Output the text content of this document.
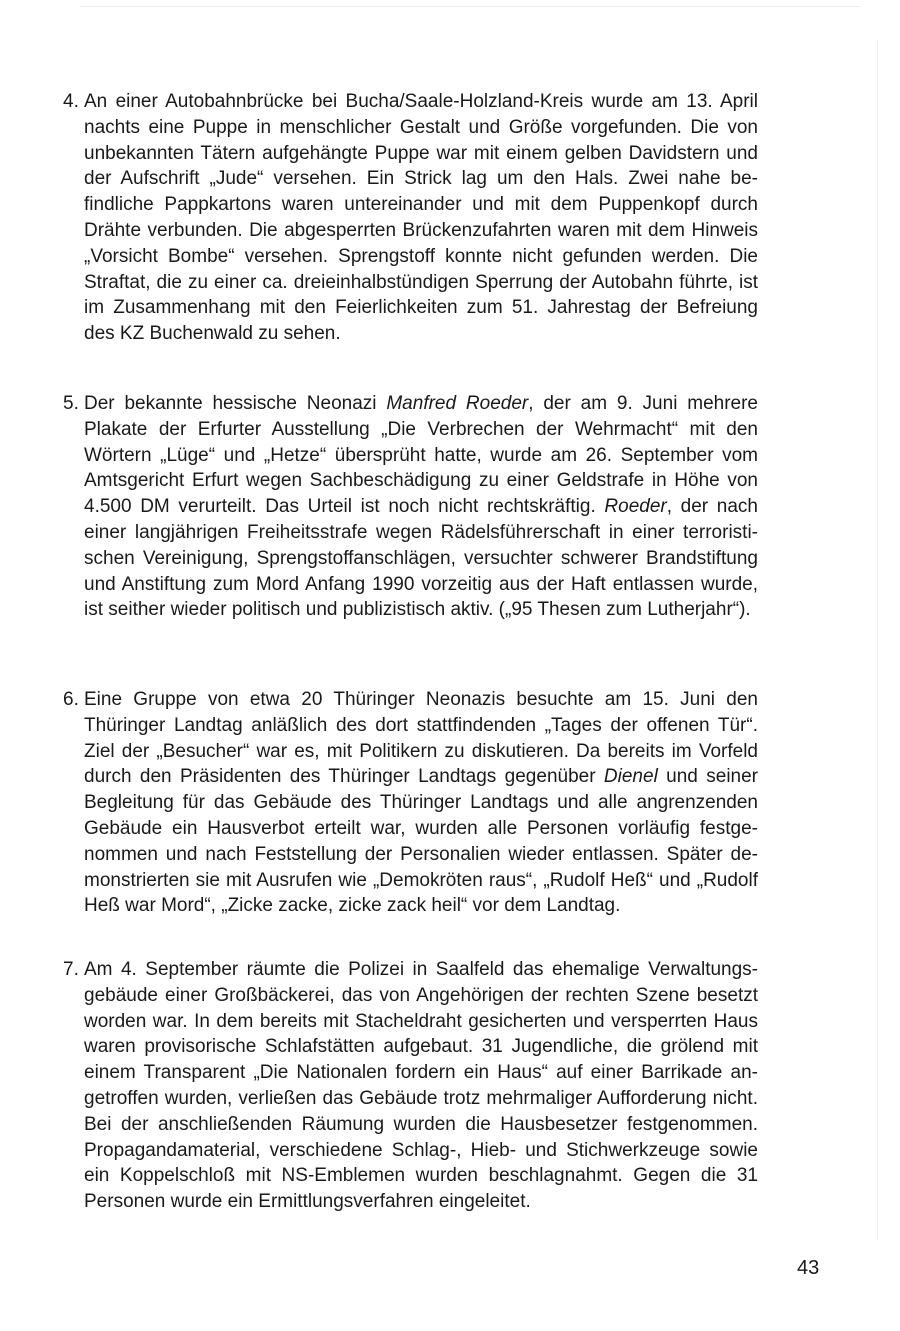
4. An einer Autobahnbrücke bei Bucha/Saale-Holzland-Kreis wurde am 13. April nachts eine Puppe in menschlicher Gestalt und Größe vorgefunden. Die von unbekannten Tätern aufgehängte Puppe war mit einem gelben Davidstern und der Aufschrift „Jude“ versehen. Ein Strick lag um den Hals. Zwei nahe befindliche Pappkartons waren untereinander und mit dem Puppenkopf durch Drähte verbunden. Die abgesperrten Brückenzufahrten waren mit dem Hinweis „Vorsicht Bombe“ versehen. Sprengstoff konnte nicht gefunden werden. Die Straftat, die zu einer ca. dreieinhalbstündigen Sperrung der Autobahn führte, ist im Zusammenhang mit den Feierlichkeiten zum 51. Jahrestag der Befreiung des KZ Buchenwald zu sehen.
5. Der bekannte hessische Neonazi Manfred Roeder, der am 9. Juni mehrere Plakate der Erfurter Ausstellung „Die Verbrechen der Wehrmacht“ mit den Wörtern „Lüge“ und „Hetze“ übersprüht hatte, wurde am 26. September vom Amtsgericht Erfurt wegen Sachbeschädigung zu einer Geldstrafe in Höhe von 4.500 DM verurteilt. Das Urteil ist noch nicht rechtskräftig. Roeder, der nach einer langjährigen Freiheitsstrafe wegen Rädelsführerschaft in einer terroristischen Vereinigung, Sprengstoffanschlägen, versuchter schwerer Brandstiftung und Anstiftung zum Mord Anfang 1990 vorzeitig aus der Haft entlassen wurde, ist seither wieder politisch und publizistisch aktiv. („95 Thesen zum Lutherjahr“).
6. Eine Gruppe von etwa 20 Thüringer Neonazis besuchte am 15. Juni den Thüringer Landtag anläßlich des dort stattfindenden „Tages der offenen Tür“. Ziel der „Besucher“ war es, mit Politikern zu diskutieren. Da bereits im Vorfeld durch den Präsidenten des Thüringer Landtags gegenüber Dienel und seiner Begleitung für das Gebäude des Thüringer Landtags und alle angrenzenden Gebäude ein Hausverbot erteilt war, wurden alle Personen vorläufig festgenommen und nach Feststellung der Personalien wieder entlassen. Später demonstrierten sie mit Ausrufen wie „Demokröten raus“, „Rudolf Heß“ und „Rudolf Heß war Mord“, „Zicke zacke, zicke zack heil“ vor dem Landtag.
7. Am 4. September räumte die Polizei in Saalfeld das ehemalige Verwaltungsgebäude einer Großbäckerei, das von Angehörigen der rechten Szene besetzt worden war. In dem bereits mit Stacheldraht gesicherten und versperrten Haus waren provisorische Schlafstätten aufgebaut. 31 Jugendliche, die grölend mit einem Transparent „Die Nationalen fordern ein Haus“ auf einer Barrikade angetroffen wurden, verließen das Gebäude trotz mehrmaliger Aufforderung nicht. Bei der anschließenden Räumung wurden die Hausbesetzer festgenommen. Propagandamaterial, verschiedene Schlag-, Hieb- und Stichwerkzeuge sowie ein Koppelschloß mit NS-Emblemen wurden beschlagnahmt. Gegen die 31 Personen wurde ein Ermittlungsverfahren eingeleitet.
43
